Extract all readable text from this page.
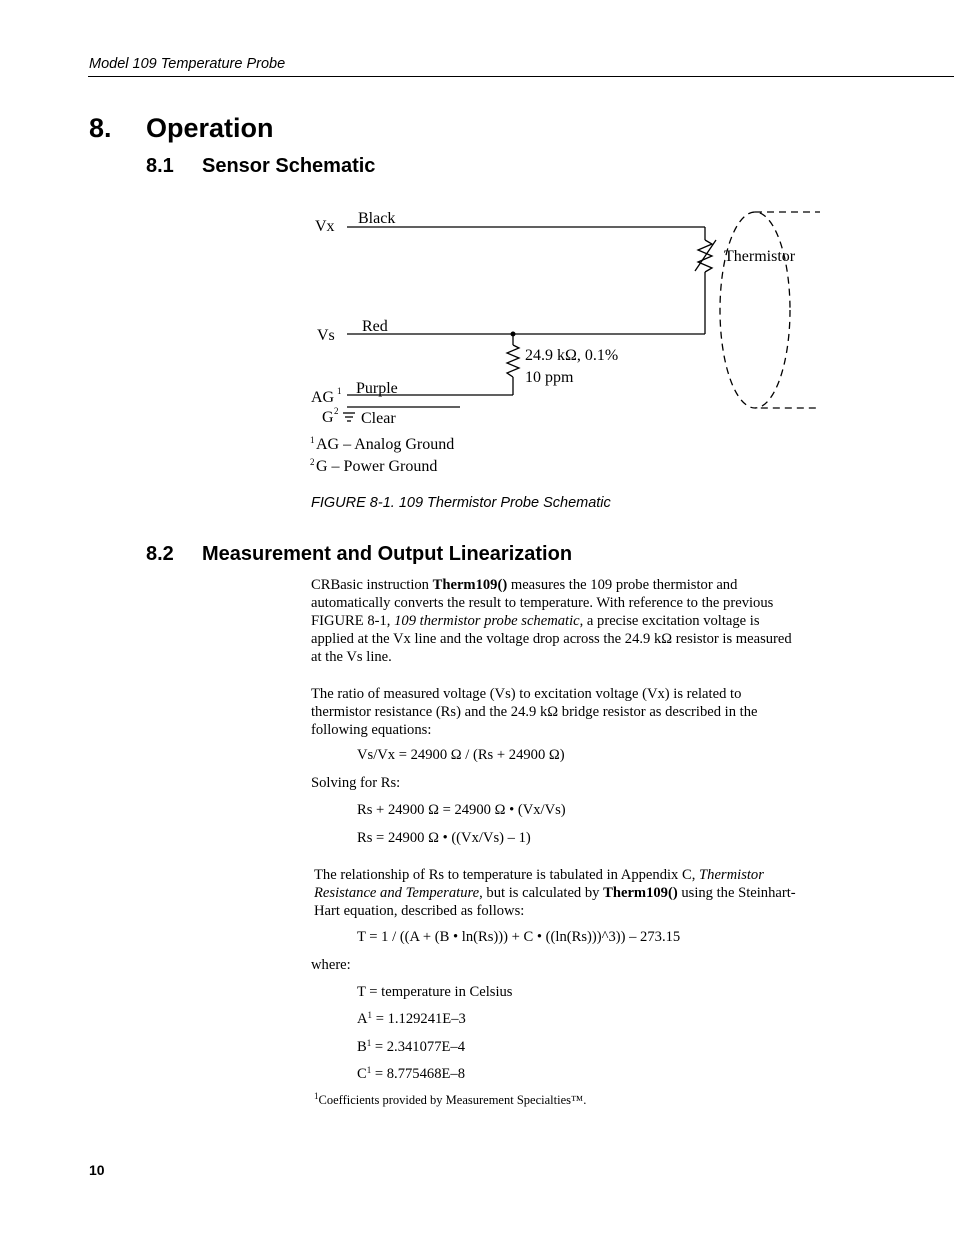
Model 109 Temperature Probe
8. Operation
8.1 Sensor Schematic
Vx Black
Thermistor
Vs
Red
24.9 kΩ, 0.1%
10 ppm
AG 1 Purple
G 2 Clear
1 AG – Analog Ground
2 G – Power Ground
FIGURE 8-1. 109 Thermistor Probe Schematic
8.2 Measurement and Output Linearization
CRBasic instruction Therm109() measures the 109 probe thermistor and automatically converts the result to temperature. With reference to the previous FIGURE 8-1, 109 thermistor probe schematic, a precise excitation voltage is applied at the Vx line and the voltage drop across the 24.9 kΩ resistor is measured at the Vs line.
The ratio of measured voltage (Vs) to excitation voltage (Vx) is related to thermistor resistance (Rs) and the 24.9 kΩ bridge resistor as described in the following equations:
Vs/Vx = 24900 Ω / (Rs + 24900 Ω)
Solving for Rs:
Rs + 24900 Ω = 24900 Ω • (Vx/Vs)
Rs = 24900 Ω • ((Vx/Vs) – 1)
The relationship of Rs to temperature is tabulated in Appendix C, Thermistor Resistance and Temperature, but is calculated by Therm109() using the Steinhart-Hart equation, described as follows:
T = 1 / ((A + (B • ln(Rs))) + C • ((ln(Rs)))^3)) – 273.15
where:
T = temperature in Celsius
$A^1 = 1.129241E-3$
$B^1 = 2.341077E-4$
$C^1 = 8.775468E-8$
$^1$Coefficients provided by Measurement Specialties™.
10
